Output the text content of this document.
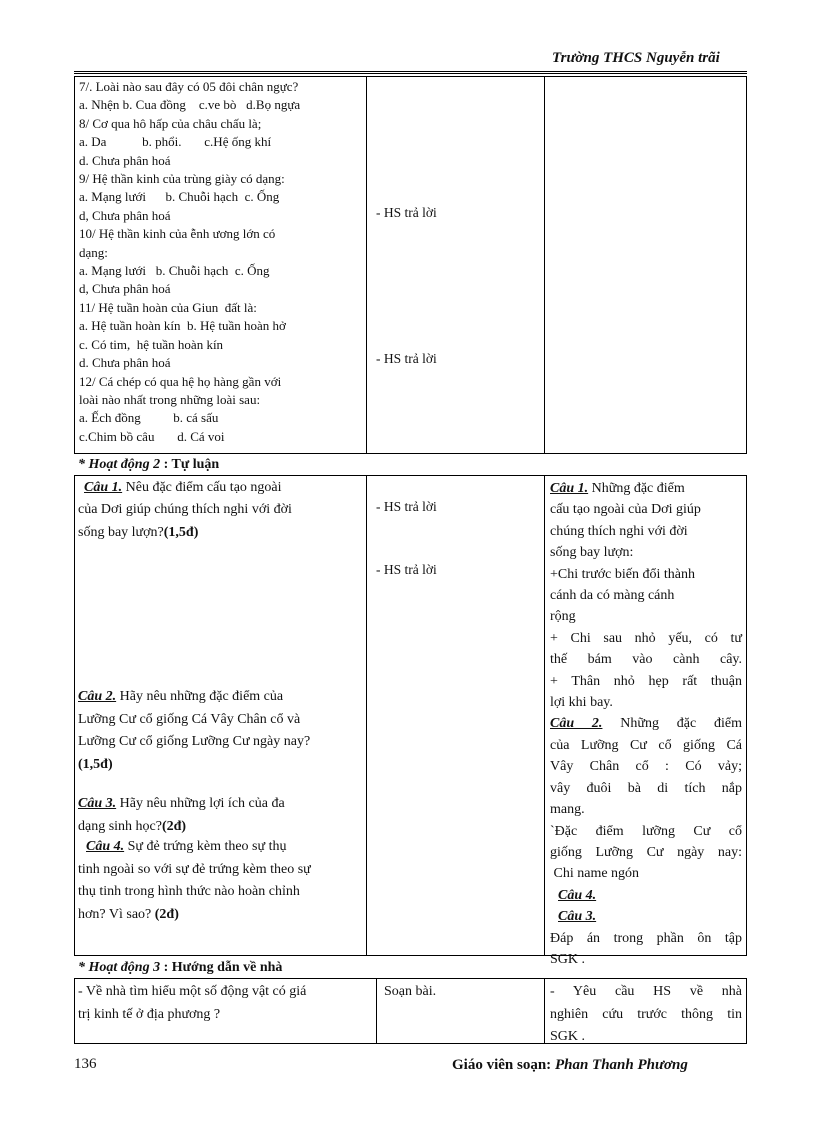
Trường THCS Nguyễn trãi
7/. Loài nào sau đây có 05 đôi chân ngực?
a. Nhện b. Cua đồng    c.ve bò   d.Bọ ngựa
8/ Cơ qua hô hấp của châu chấu là;
a. Da           b. phổi.       c.Hệ ống khí
d. Chưa phân hoá
9/ Hệ thần kinh của trùng giày có dạng:
a. Mạng lưới      b. Chuỗi hạch  c. Ống
d, Chưa phân hoá
10/ Hệ thần kinh của ễnh ương lớn có
dạng:
a. Mạng lưới   b. Chuỗi hạch  c. Ống
d, Chưa phân hoá
11/ Hệ tuần hoàn của Giun  đất là:
a. Hệ tuần hoàn kín  b. Hệ tuần hoàn hở
c. Có tim,  hệ tuần hoàn kín
d. Chưa phân hoá
12/ Cá chép có qua hệ họ hàng gần với
loài nào nhất trong những loài sau:
a. Ếch đồng          b. cá sấu
c.Chim bồ câu       d. Cá voi
- HS trả lời
- HS trả lời
* Hoạt động 2 : Tự luận
Câu 1. Nêu đặc điểm cấu tạo ngoài
của Dơi giúp chúng thích nghi với đời
sống bay lượn?(1,5đ)
Câu 2. Hãy nêu những đặc điểm của
Lưỡng Cư cổ giống Cá Vây Chân cổ và
Lưỡng Cư cổ giống Lưỡng Cư ngày nay?
(1,5đ)
Câu 3. Hãy nêu những lợi ích của đa
dạng sinh học?(2đ)
Câu 4. Sự đẻ trứng kèm theo sự thụ
tinh ngoài so với sự đẻ trứng kèm theo sự
thụ tinh trong hình thức nào hoàn chỉnh
hơn? Vì sao? (2đ)
- HS trả lời
- HS trả lời
Câu 1. Những đặc điểm
cấu tạo ngoài của Dơi giúp
chúng thích nghi với đời
sống bay lượn:
+Chi trước biến đổi thành
cánh da có màng cánh
rộng
+ Chi sau nhỏ yếu, có tư
thế bám vào cành cây.
+ Thân nhỏ hẹp rất thuận
lợi khi bay.
Câu 2. Những đặc điểm
của Lưỡng Cư cổ giống Cá
Vây Chân cổ : Có vảy;
vây đuôi bà di tích nắp
mang.
`Đặc điểm lưỡng Cư cổ
giống Lưỡng Cư ngày nay:
Chi name ngón
Câu 4.
Câu 3.
Đáp án trong phần ôn tập
SGK .
* Hoạt động 3 : Hướng dẫn về nhà
- Về nhà tìm hiểu một số động vật có giá
trị kinh tế ở địa phương ?
Soạn bài.	- Yêu cầu HS về nhà
nghiên cứu trước thông tin
SGK .
136	Giáo viên soạn: Phan Thanh Phương
